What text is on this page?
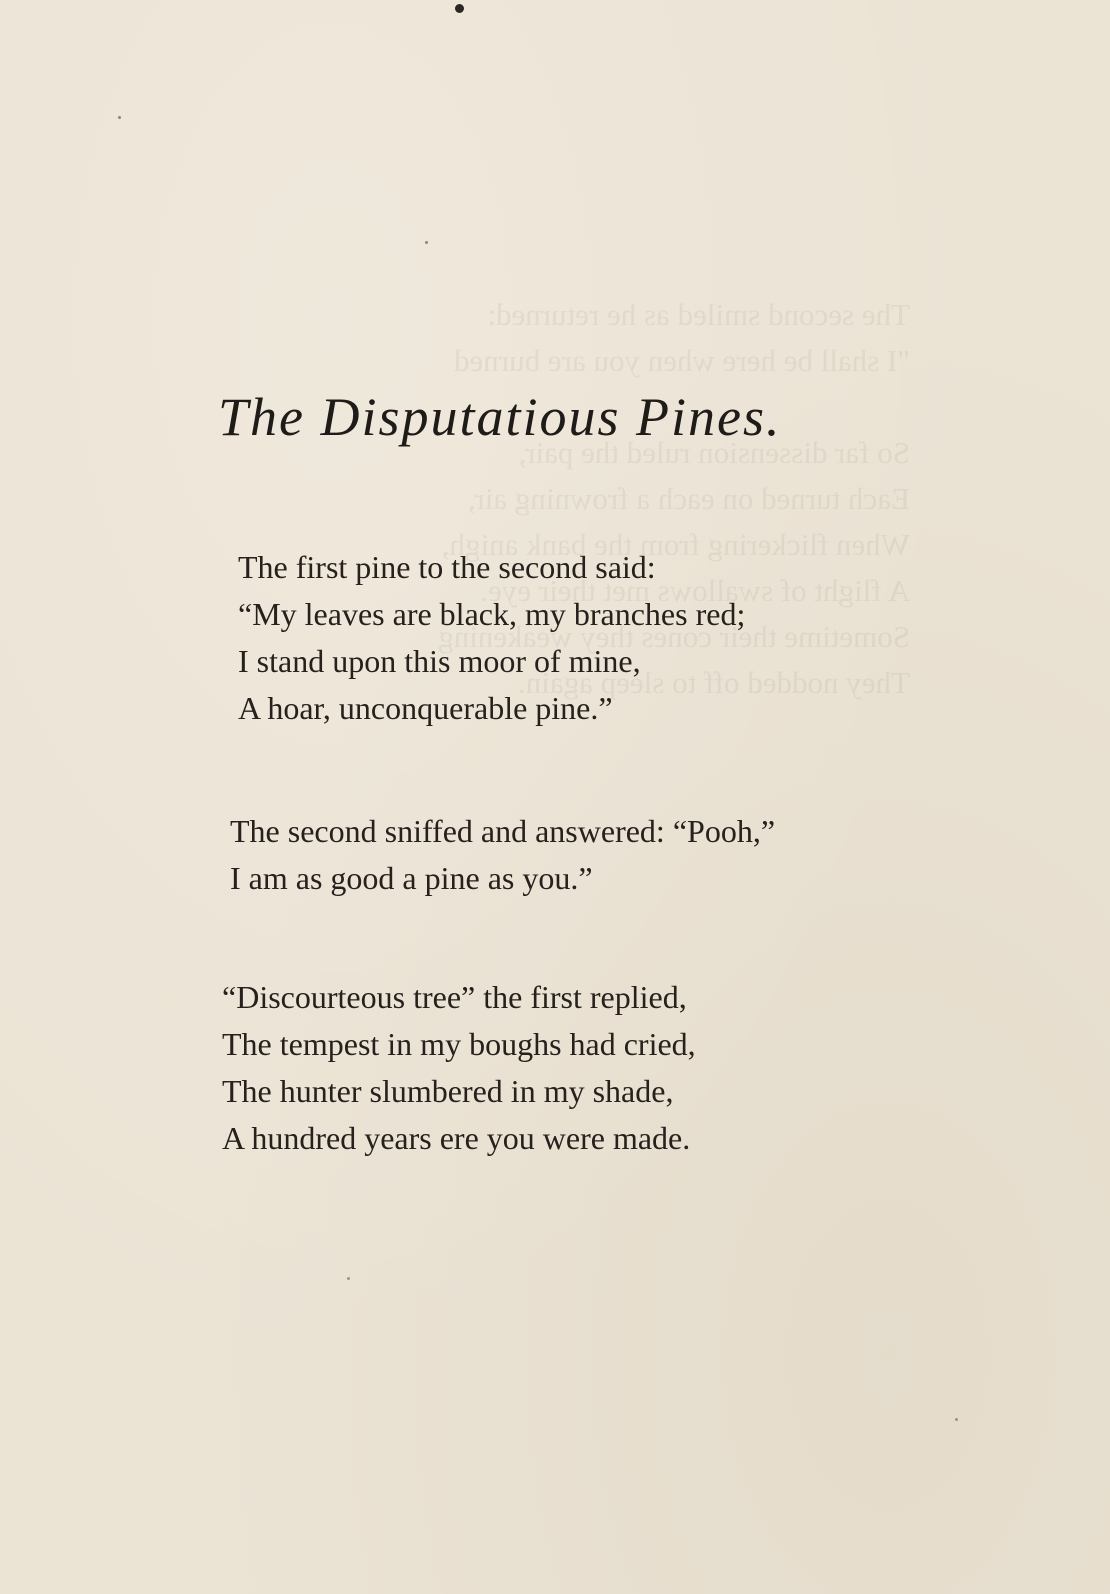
The second smiled as he returned:
"I shall be here when you are burned

So far dissension ruled the pair,
Each turned on each a frowning air,
When flickering from the bank anigh,
A flight of swallows met their eye.
Sometime their cones they weakening
They nodded off to sleep again.
The Disputatious Pines.

The first pine to the second said:
“My leaves are black, my branches red;
I stand upon this moor of mine,
A hoar, unconquerable pine.”

The second sniffed and answered: “Pooh,”
I am as good a pine as you.”

“Discourteous tree” the first replied,
The tempest in my boughs had cried,
The hunter slumbered in my shade,
A hundred years ere you were made.
